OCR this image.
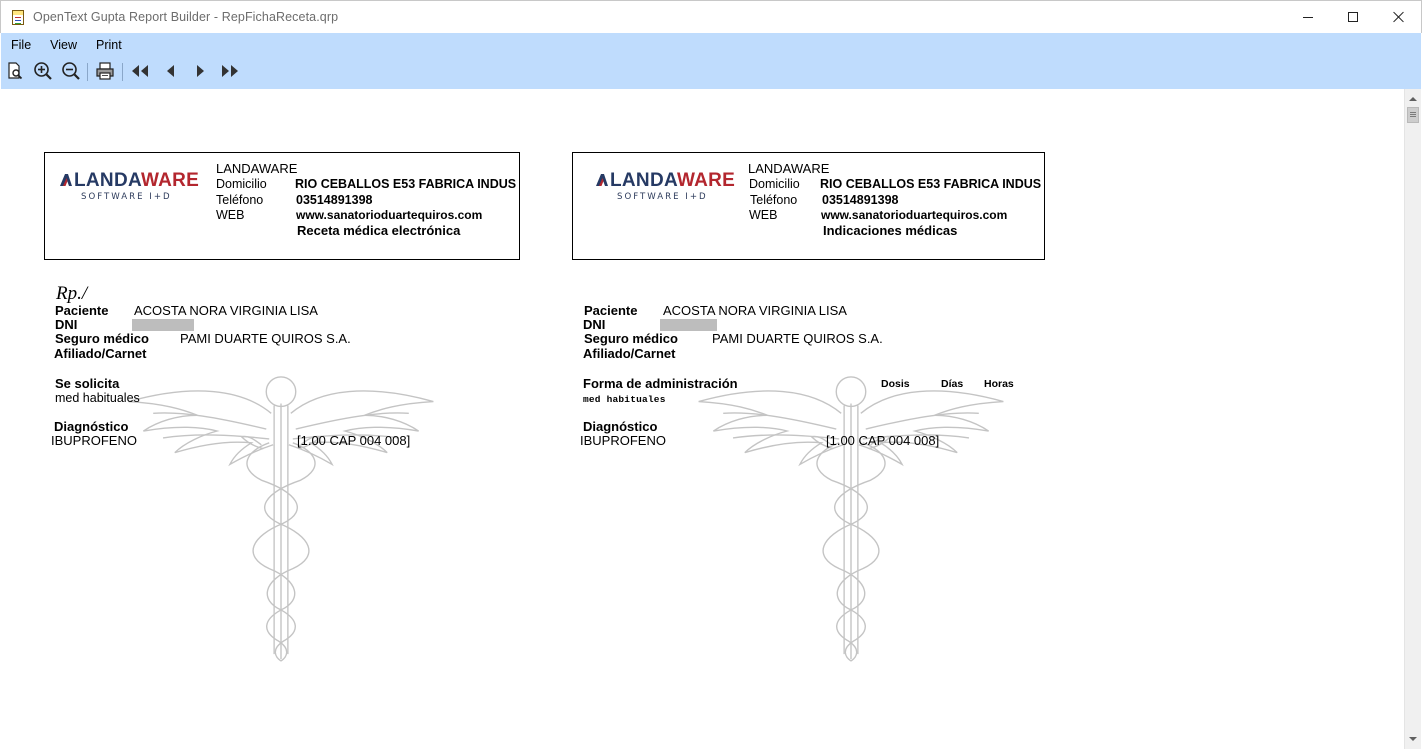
OpenText Gupta Report Builder - RepFichaReceta.qrp
File	View	Print
LANDAWARE
SOFTWARE I+D
LANDAWARE
Domicilio RIO CEBALLOS E53 FABRICA INDUS
Teléfono	03514891398
WEB	www.sanatorioduartequiros.com
Receta médica electrónica
Rp./
Paciente ACOSTA NORA VIRGINIA LISA
DNI
Seguro médico PAMI DUARTE QUIROS S.A.
Afiliado/Carnet
Se solicita
med habituales
Diagnóstico
IBUPROFENO	[1.00 CAP 004 008]
LANDAWARE
SOFTWARE I+D
LANDAWARE
Domicilio RIO CEBALLOS E53 FABRICA INDUS
Teléfono 03514891398
WEB	www.sanatorioduartequiros.com
Indicaciones médicas
Paciente ACOSTA NORA VIRGINIA LISA
DNI
Seguro médico	PAMI DUARTE QUIROS S.A.
Afiliado/Carnet
Forma de administración	Dosis	Días Horas
med habituales
Diagnóstico
IBUPROFENO	[1.00 CAP 004 008]
